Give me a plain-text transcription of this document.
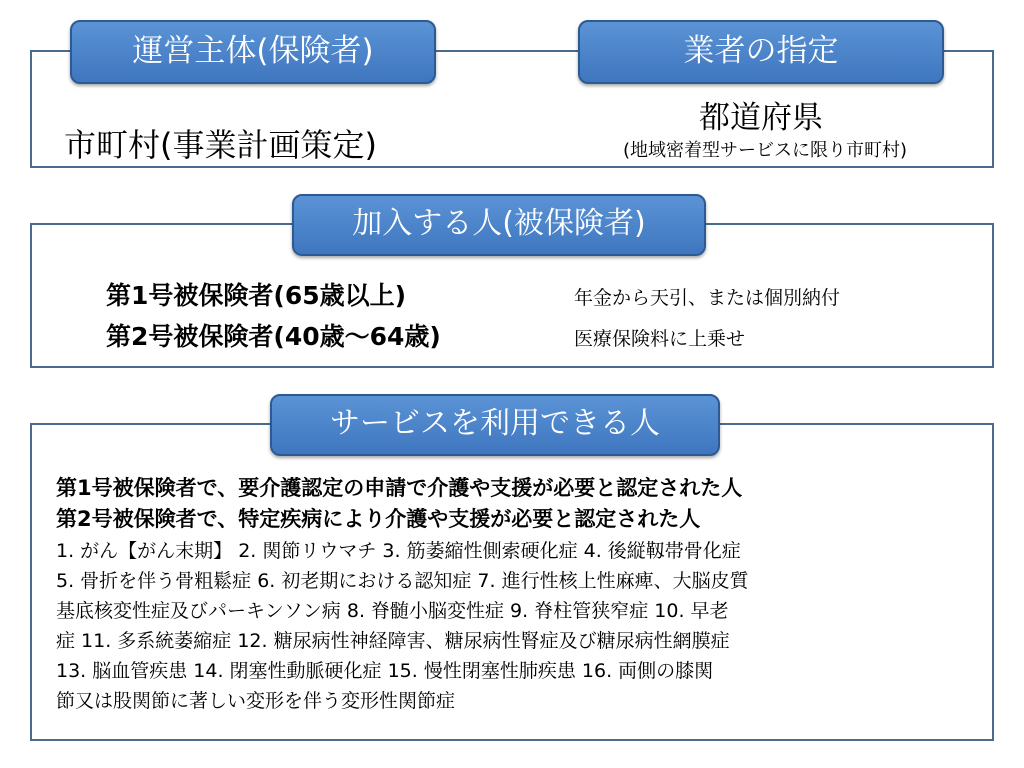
運営主体(保険者)	業者の指定
市町村(事業計画策定)
都道府県
(地域密着型サービスに限り市町村)
加入する人(被保険者)
第1号被保険者(65歳以上)	年金から天引、または個別納付
第2号被保険者(40歳～64歳)	医療保険料に上乗せ
サービスを利用できる人
第1号被保険者で、要介護認定の申請で介護や支援が必要と認定された人
第2号被保険者で、特定疾病により介護や支援が必要と認定された人
1. がん【がん末期】 2. 関節リウマチ 3. 筋萎縮性側索硬化症 4. 後縦靱帯骨化症
5. 骨折を伴う骨粗鬆症 6. 初老期における認知症 7. 進行性核上性麻痺、大脳皮質
基底核変性症及びパーキンソン病 8. 脊髄小脳変性症 9. 脊柱管狭窄症 10. 早老
症 11. 多系統萎縮症 12. 糖尿病性神経障害、糖尿病性腎症及び糖尿病性網膜症
13. 脳血管疾患 14. 閉塞性動脈硬化症 15. 慢性閉塞性肺疾患 16. 両側の膝関
節又は股関節に著しい変形を伴う変形性関節症
